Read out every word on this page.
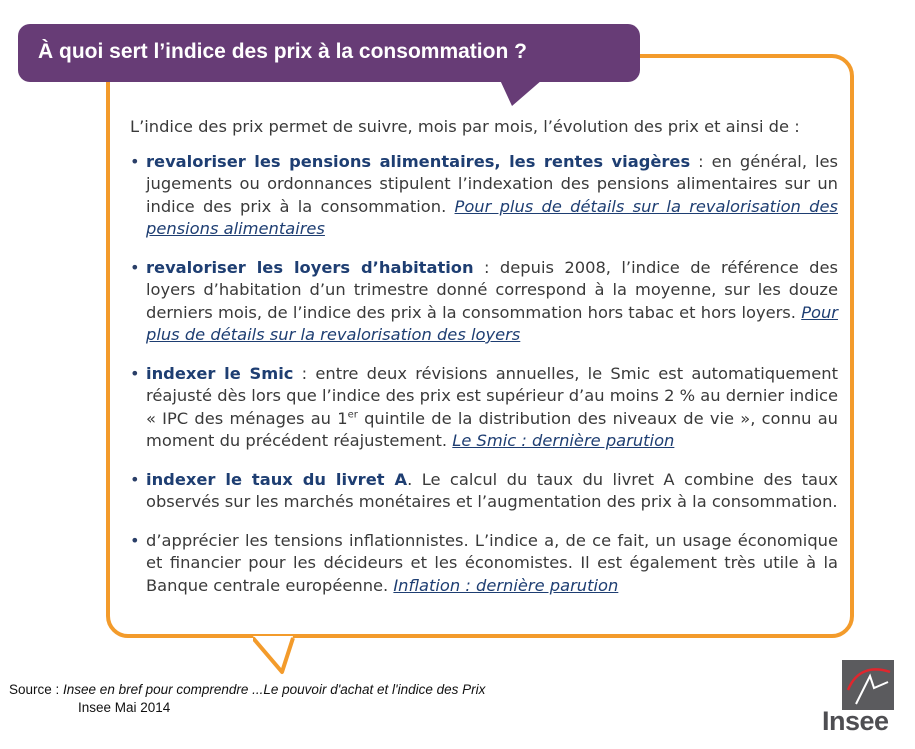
À quoi sert l’indice des prix à la consommation ?

L’indice des prix permet de suivre, mois par mois, l’évolution des prix et ainsi de :

• revaloriser les pensions alimentaires, les rentes viagères : en général, les jugements ou ordonnances stipulent l’indexation des pensions alimentaires sur un indice des prix à la consommation. Pour plus de détails sur la revalorisation des pensions alimentaires
• revaloriser les loyers d’habitation : depuis 2008, l’indice de référence des loyers d’habitation d’un trimestre donné correspond à la moyenne, sur les douze derniers mois, de l’indice des prix à la consommation hors tabac et hors loyers. Pour plus de détails sur la revalorisation des loyers
• indexer le Smic : entre deux révisions annuelles, le Smic est automatiquement réajusté dès lors que l’indice des prix est supérieur d’au moins 2 % au dernier indice « IPC des ménages au 1er quintile de la distribution des niveaux de vie », connu au moment du précédent réajustement. Le Smic : dernière parution
• indexer le taux du livret A. Le calcul du taux du livret A combine des taux observés sur les marchés monétaires et l’augmentation des prix à la consommation.
• d’apprécier les tensions inflationnistes. L’indice a, de ce fait, un usage économique et financier pour les décideurs et les économistes. Il est également très utile à la Banque centrale européenne. Inflation : dernière parution
Source : Insee en bref pour comprendre ...Le pouvoir d'achat et l'indice des Prix
Insee Mai 2014	Insee
